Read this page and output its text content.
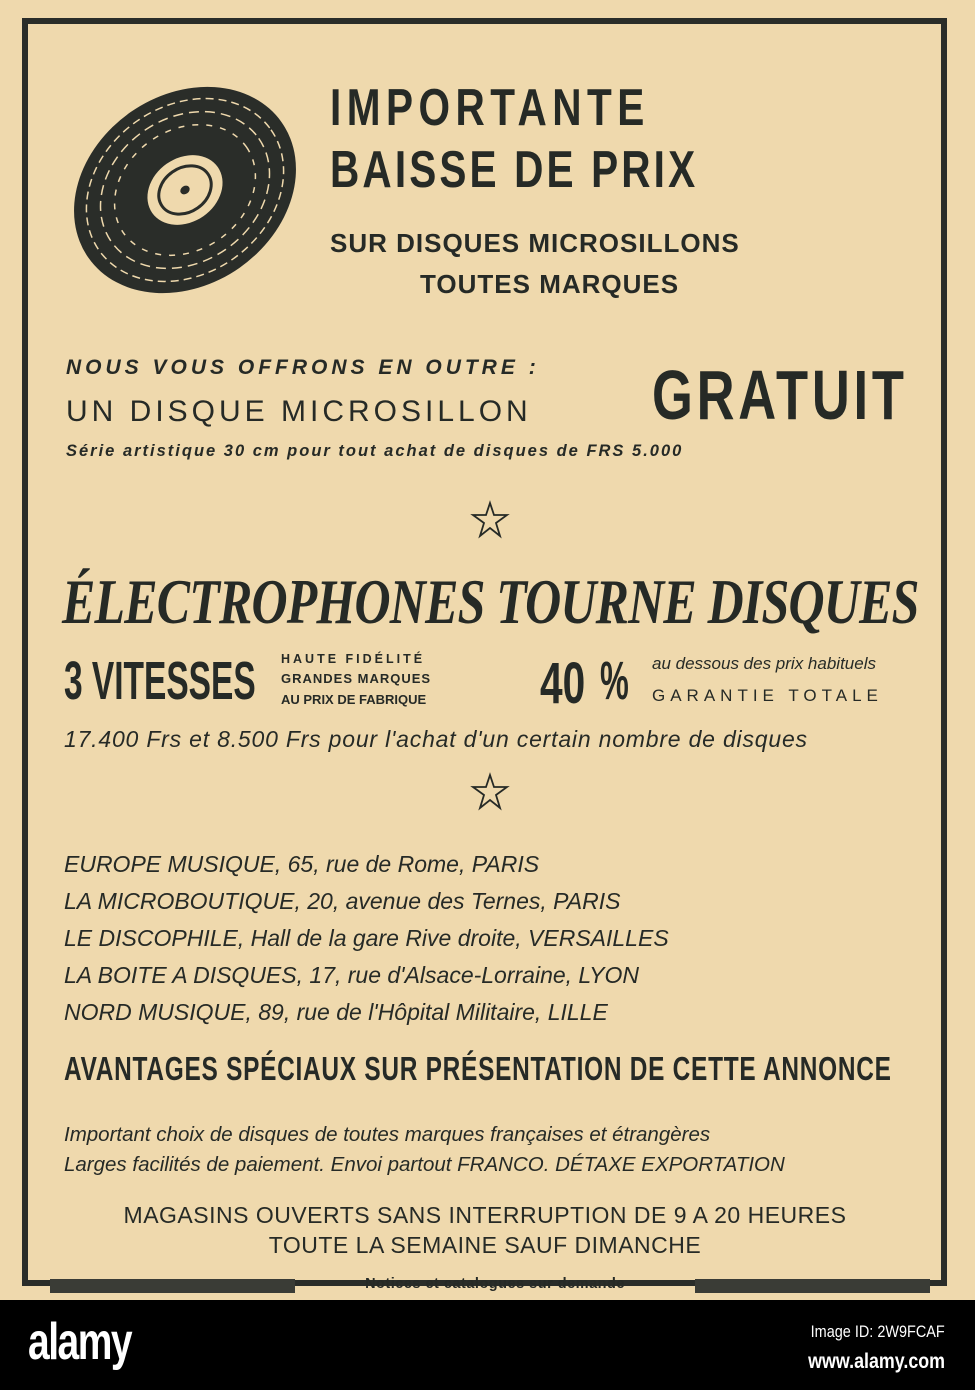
IMPORTANTE
BAISSE DE PRIX
SUR DISQUES MICROSILLONS
TOUTES MARQUES
NOUS VOUS OFFRONS EN OUTRE :
UN DISQUE MICROSILLON GRATUIT
Série artistique 30 cm pour tout achat de disques de FRS 5.000
ÉLECTROPHONES TOURNE DISQUES
3 VITESSES HAUTE FIDÉLITÉ
GRANDES MARQUES
AU PRIX DE FABRIQUE 40 % au dessous des prix habituels
GARANTIE TOTALE
17.400 Frs et 8.500 Frs pour l'achat d'un certain nombre de disques
EUROPE MUSIQUE, 65, rue de Rome, PARIS
LA MICROBOUTIQUE, 20, avenue des Ternes, PARIS
LE DISCOPHILE, Hall de la gare Rive droite, VERSAILLES
LA BOITE A DISQUES, 17, rue d'Alsace-Lorraine, LYON
NORD MUSIQUE, 89, rue de l'Hôpital Militaire, LILLE
AVANTAGES SPÉCIAUX SUR PRÉSENTATION DE CETTE ANNONCE
Important choix de disques de toutes marques françaises et étrangères
Larges facilités de paiement. Envoi partout FRANCO. DÉTAXE EXPORTATION
MAGASINS OUVERTS SANS INTERRUPTION DE 9 A 20 HEURES
TOUTE LA SEMAINE SAUF DIMANCHE
Notices et catalogues sur demande
alamy	Image ID: 2W9FCAF
www.alamy.com
